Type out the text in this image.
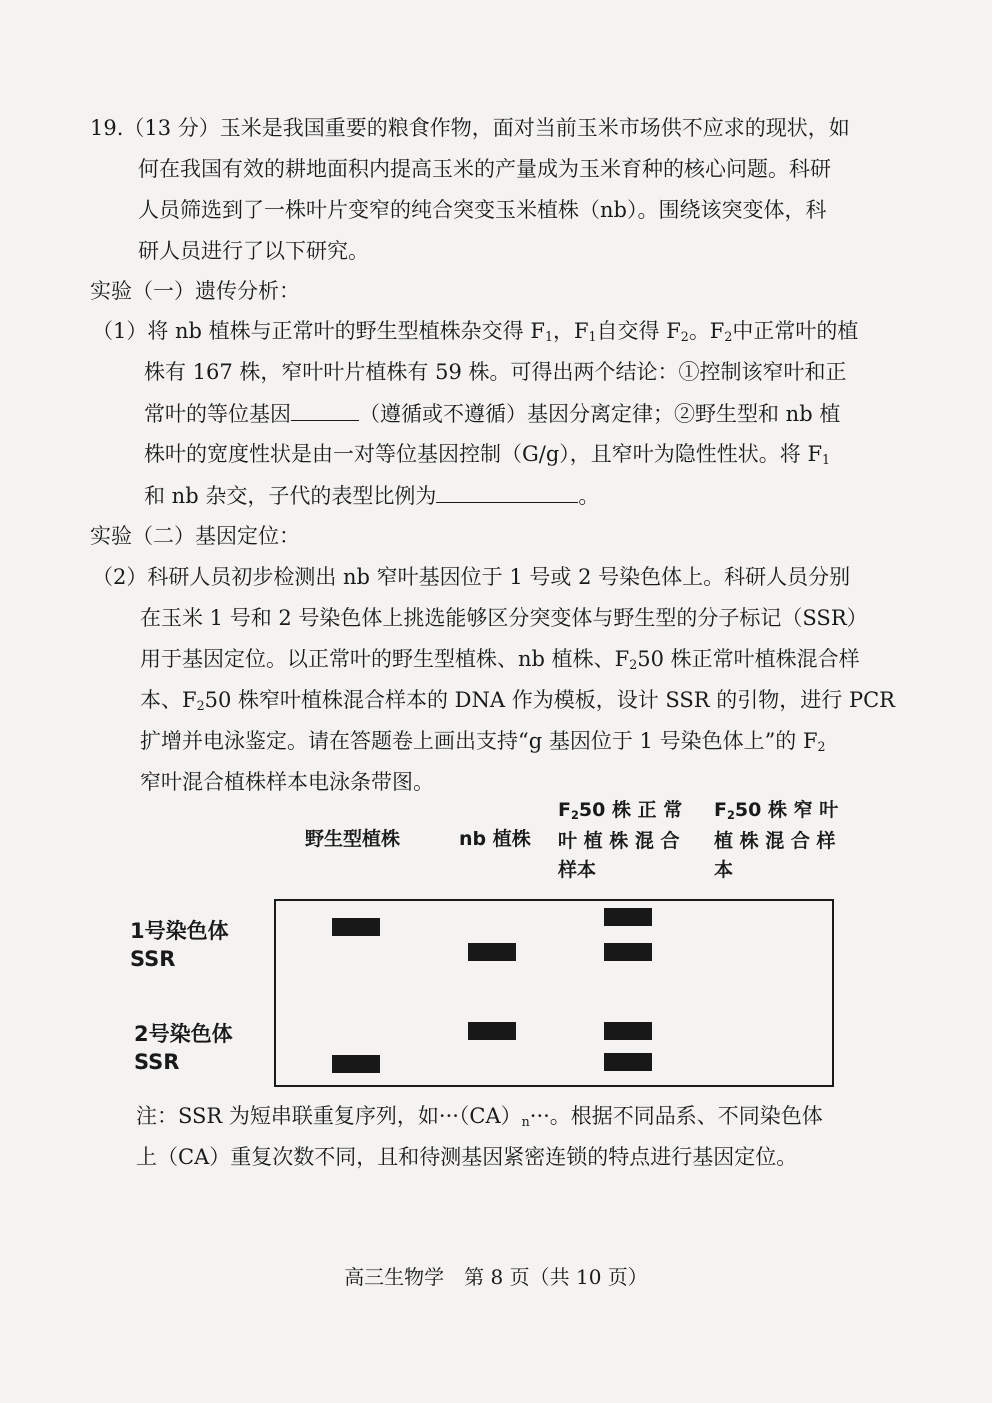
19.（13 分）玉米是我国重要的粮食作物，面对当前玉米市场供不应求的现状，如
何在我国有效的耕地面积内提高玉米的产量成为玉米育种的核心问题。科研
人员筛选到了一株叶片变窄的纯合突变玉米植株（nb）。围绕该突变体，科
研人员进行了以下研究。
实验（一）遗传分析：
（1）将 nb 植株与正常叶的野生型植株杂交得 $F_1$，$F_1$自交得 $F_2$。$F_2$中正常叶的植
株有 167 株，窄叶叶片植株有 59 株。可得出两个结论：①控制该窄叶和正
常叶的等位基因	（遵循或不遵循）基因分离定律；②野生型和 nb 植
株叶的宽度性状是由一对等位基因控制（G/g），且窄叶为隐性性状。将 $F_1$
和 nb 杂交，子代的表型比例为	。
实验（二）基因定位：
（2）科研人员初步检测出 nb 窄叶基因位于 1 号或 2 号染色体上。科研人员分别
在玉米 1 号和 2 号染色体上挑选能够区分突变体与野生型的分子标记（SSR）
用于基因定位。以正常叶的野生型植株、nb 植株、$F_250$ 株正常叶植株混合样
本、$F_250$ 株窄叶植株混合样本的 DNA 作为模板，设计 SSR 的引物，进行 PCR
扩增并电泳鉴定。请在答题卷上画出支持“g 基因位于 1 号染色体上”的 $F_2$
窄叶混合植株样本电泳条带图。
野生型植株	nb 植株
$F_250$ 株 正 常
叶 植 株 混 合
样本
$F_250$ 株 窄 叶
植 株 混 合 样
本
1号染色体
SSR
2号染色体
SSR
注：SSR 为短串联重复序列，如$\cdot\cdot\cdot(CA)_n\cdot\cdot\cdot$。根据不同品系、不同染色体
上（CA）重复次数不同，且和待测基因紧密连锁的特点进行基因定位。
高三生物学　第 8 页（共 10 页）
